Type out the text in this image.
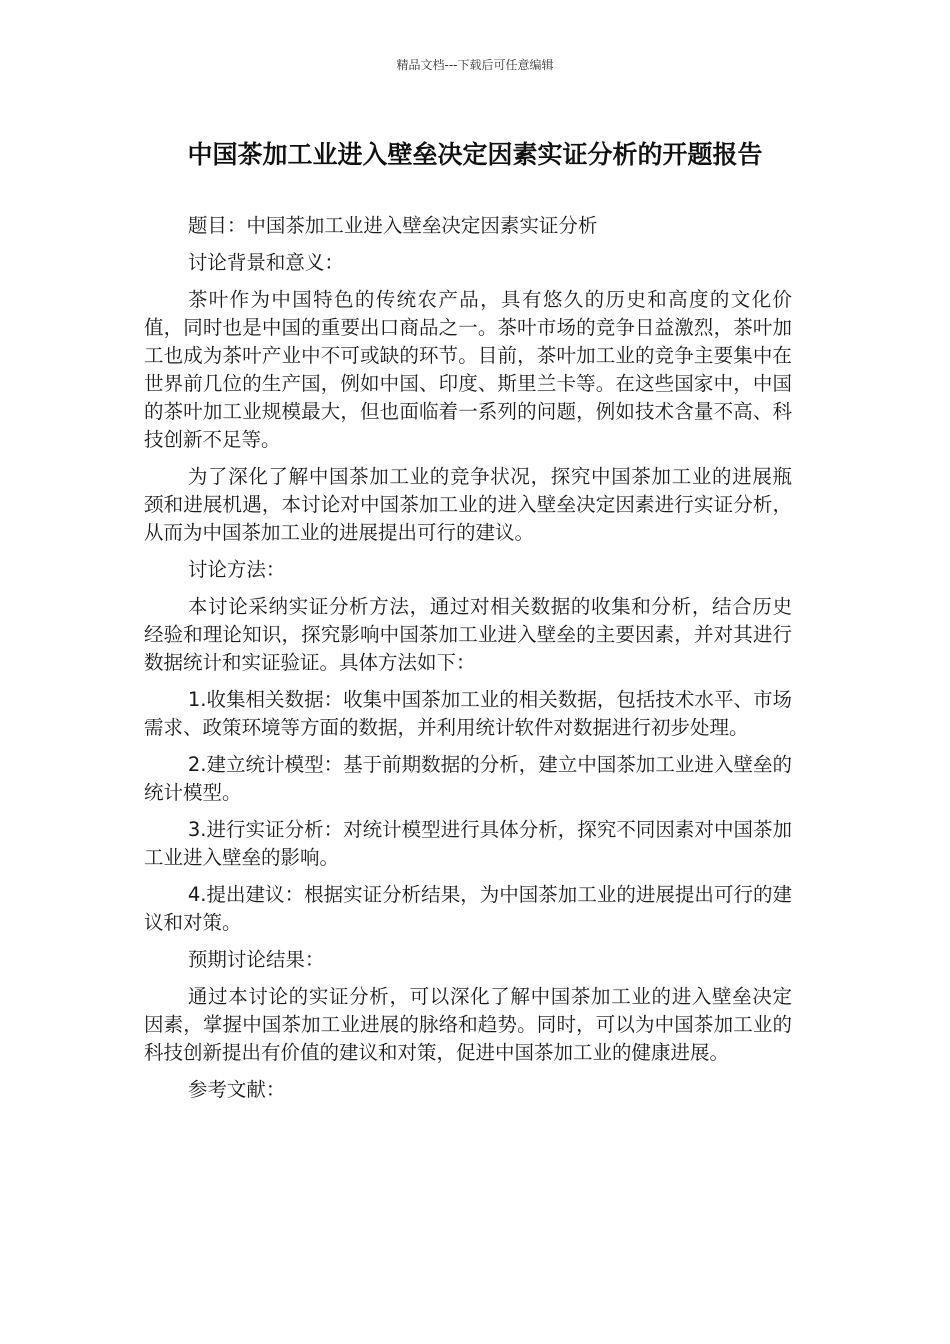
精品文档---下载后可任意编辑
中国茶加工业进入壁垒决定因素实证分析的开题报告

题目：中国茶加工业进入壁垒决定因素实证分析

讨论背景和意义：

茶叶作为中国特色的传统农产品，具有悠久的历史和高度的文化价值，同时也是中国的重要出口商品之一。茶叶市场的竞争日益激烈，茶叶加工也成为茶叶产业中不可或缺的环节。目前，茶叶加工业的竞争主要集中在世界前几位的生产国，例如中国、印度、斯里兰卡等。在这些国家中，中国的茶叶加工业规模最大，但也面临着一系列的问题，例如技术含量不高、科技创新不足等。

为了深化了解中国茶加工业的竞争状况，探究中国茶加工业的进展瓶颈和进展机遇，本讨论对中国茶加工业的进入壁垒决定因素进行实证分析，从而为中国茶加工业的进展提出可行的建议。

讨论方法：

本讨论采纳实证分析方法，通过对相关数据的收集和分析，结合历史经验和理论知识，探究影响中国茶加工业进入壁垒的主要因素，并对其进行数据统计和实证验证。具体方法如下：

1.收集相关数据：收集中国茶加工业的相关数据，包括技术水平、市场需求、政策环境等方面的数据，并利用统计软件对数据进行初步处理。

2.建立统计模型：基于前期数据的分析，建立中国茶加工业进入壁垒的统计模型。

3.进行实证分析：对统计模型进行具体分析，探究不同因素对中国茶加工业进入壁垒的影响。

4.提出建议：根据实证分析结果，为中国茶加工业的进展提出可行的建议和对策。

预期讨论结果：

通过本讨论的实证分析，可以深化了解中国茶加工业的进入壁垒决定因素，掌握中国茶加工业进展的脉络和趋势。同时，可以为中国茶加工业的科技创新提出有价值的建议和对策，促进中国茶加工业的健康进展。

参考文献：
